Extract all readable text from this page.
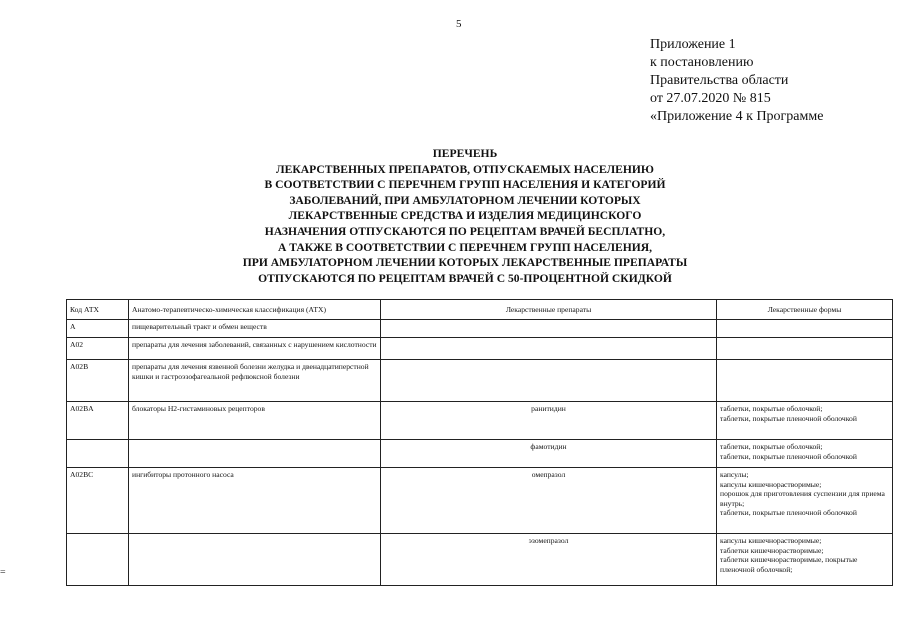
5
Приложение 1
к постановлению
Правительства области
от 27.07.2020 № 815
«Приложение 4 к Программе
ПЕРЕЧЕНЬ
ЛЕКАРСТВЕННЫХ ПРЕПАРАТОВ, ОТПУСКАЕМЫХ НАСЕЛЕНИЮ
В СООТВЕТСТВИИ С ПЕРЕЧНЕМ ГРУПП НАСЕЛЕНИЯ И КАТЕГОРИЙ
ЗАБОЛЕВАНИЙ, ПРИ АМБУЛАТОРНОМ ЛЕЧЕНИИ КОТОРЫХ
ЛЕКАРСТВЕННЫЕ СРЕДСТВА И ИЗДЕЛИЯ МЕДИЦИНСКОГО
НАЗНАЧЕНИЯ ОТПУСКАЮТСЯ ПО РЕЦЕПТАМ ВРАЧЕЙ БЕСПЛАТНО,
А ТАКЖЕ В СООТВЕТСТВИИ С ПЕРЕЧНЕМ ГРУПП НАСЕЛЕНИЯ,
ПРИ АМБУЛАТОРНОМ ЛЕЧЕНИИ КОТОРЫХ ЛЕКАРСТВЕННЫЕ ПРЕПАРАТЫ
ОТПУСКАЮТСЯ ПО РЕЦЕПТАМ ВРАЧЕЙ С 50-ПРОЦЕНТНОЙ СКИДКОЙ
=
Код АТХ	Анатомо-терапевтическо-химическая классификация (АТХ)	Лекарственные препараты	Лекарственные формы
A	пищеварительный тракт и обмен веществ		
A02	препараты для лечения заболеваний, связанных с нарушением кислотности		
A02B	препараты для лечения язвенной болезни желудка и двенадцатиперстной кишки и гастроэзофагеальной рефлюксной болезни		
A02BA	блокаторы H2-гистаминовых рецепторов	ранитидин	таблетки, покрытые оболочкой;
таблетки, покрытые пленочной оболочкой

		фамотидин	таблетки, покрытые оболочкой;
таблетки, покрытые пленочной оболочкой

A02BC	ингибиторы протонного насоса	омепразол	капсулы;
капсулы кишечнорастворимые;
порошок для приготовления суспензии для приема внутрь;
таблетки, покрытые пленочной оболочкой

		эзомепразол	капсулы кишечнорастворимые;
таблетки кишечнорастворимые;
таблетки кишечнорастворимые, покрытые пленочной оболочкой;
